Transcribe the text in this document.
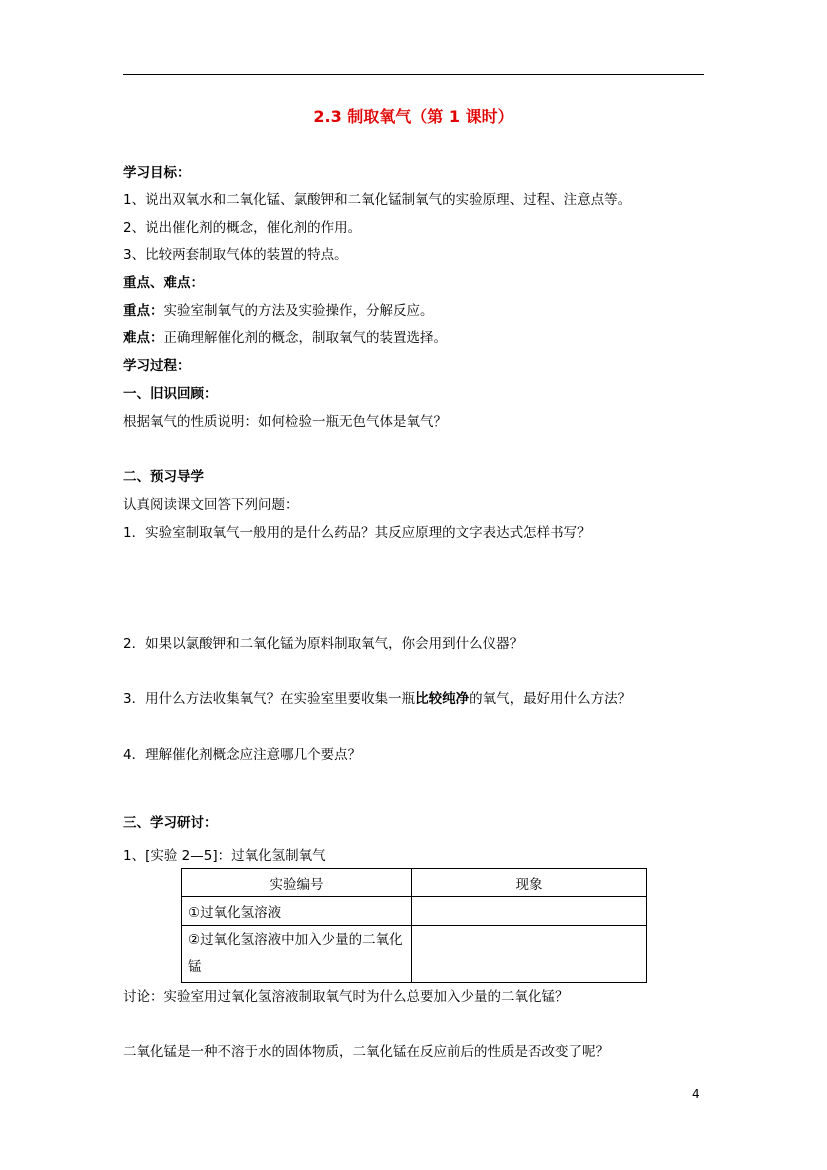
2.3 制取氧气（第 1 课时）
学习目标：
1、说出双氧水和二氧化锰、氯酸钾和二氧化锰制氧气的实验原理、过程、注意点等。
2、说出催化剂的概念，催化剂的作用。
3、比较两套制取气体的装置的特点。
重点、难点：
重点：实验室制氧气的方法及实验操作，分解反应。
难点：正确理解催化剂的概念，制取氧气的装置选择。
学习过程：
一、旧识回顾：
根据氧气的性质说明：如何检验一瓶无色气体是氧气？
二、预习导学
认真阅读课文回答下列问题：
1．实验室制取氧气一般用的是什么药品？其反应原理的文字表达式怎样书写？
2．如果以氯酸钾和二氧化锰为原料制取氧气，你会用到什么仪器？
3．用什么方法收集氧气？在实验室里要收集一瓶比较纯净的氧气，最好用什么方法？
4．理解催化剂概念应注意哪几个要点？
三、学习研讨：
1、[实验 2—5]：过氧化氢制氧气
实验编号	现象
①过氧化氢溶液	
②过氧化氢溶液中加入少量的二氧化锰	
讨论：实验室用过氧化氢溶液制取氧气时为什么总要加入少量的二氧化锰？
二氧化锰是一种不溶于水的固体物质，二氧化锰在反应前后的性质是否改变了呢？
4
